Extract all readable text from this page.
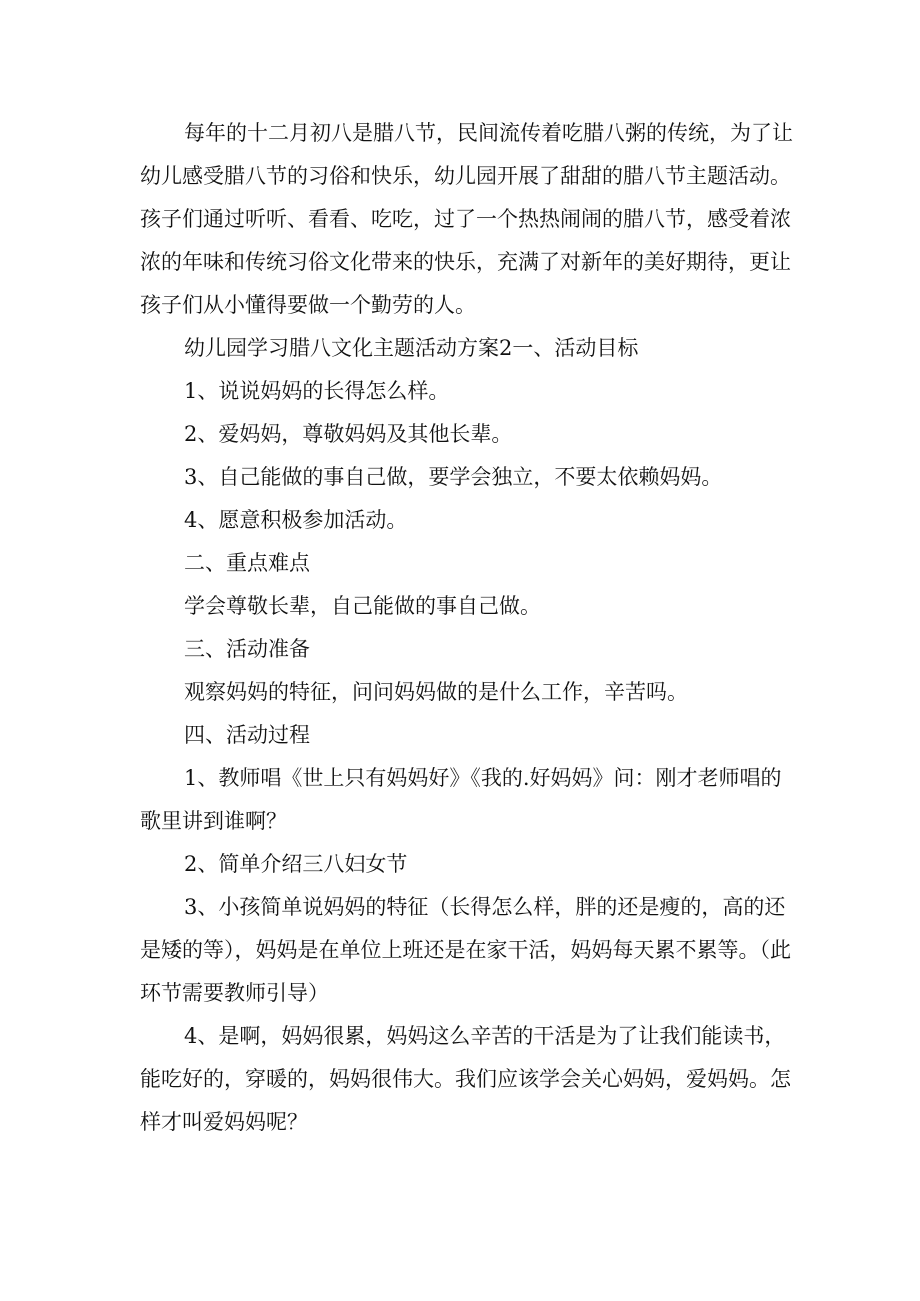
每年的十二月初八是腊八节，民间流传着吃腊八粥的传统，为了让幼儿感受腊八节的习俗和快乐，幼儿园开展了甜甜的腊八节主题活动。孩子们通过听听、看看、吃吃，过了一个热热闹闹的腊八节，感受着浓浓的年味和传统习俗文化带来的快乐，充满了对新年的美好期待，更让孩子们从小懂得要做一个勤劳的人。

幼儿园学习腊八文化主题活动方案2一、活动目标

1、说说妈妈的长得怎么样。

2、爱妈妈，尊敬妈妈及其他长辈。

3、自己能做的事自己做，要学会独立，不要太依赖妈妈。

4、愿意积极参加活动。

二、重点难点

学会尊敬长辈，自己能做的事自己做。

三、活动准备

观察妈妈的特征，问问妈妈做的是什么工作，辛苦吗。

四、活动过程

1、教师唱《世上只有妈妈好》《我的.好妈妈》问：刚才老师唱的歌里讲到谁啊？

2、简单介绍三八妇女节

3、小孩简单说妈妈的特征（长得怎么样，胖的还是瘦的，高的还是矮的等），妈妈是在单位上班还是在家干活，妈妈每天累不累等。（此环节需要教师引导）

4、是啊，妈妈很累，妈妈这么辛苦的干活是为了让我们能读书，能吃好的，穿暖的，妈妈很伟大。我们应该学会关心妈妈，爱妈妈。怎样才叫爱妈妈呢？
